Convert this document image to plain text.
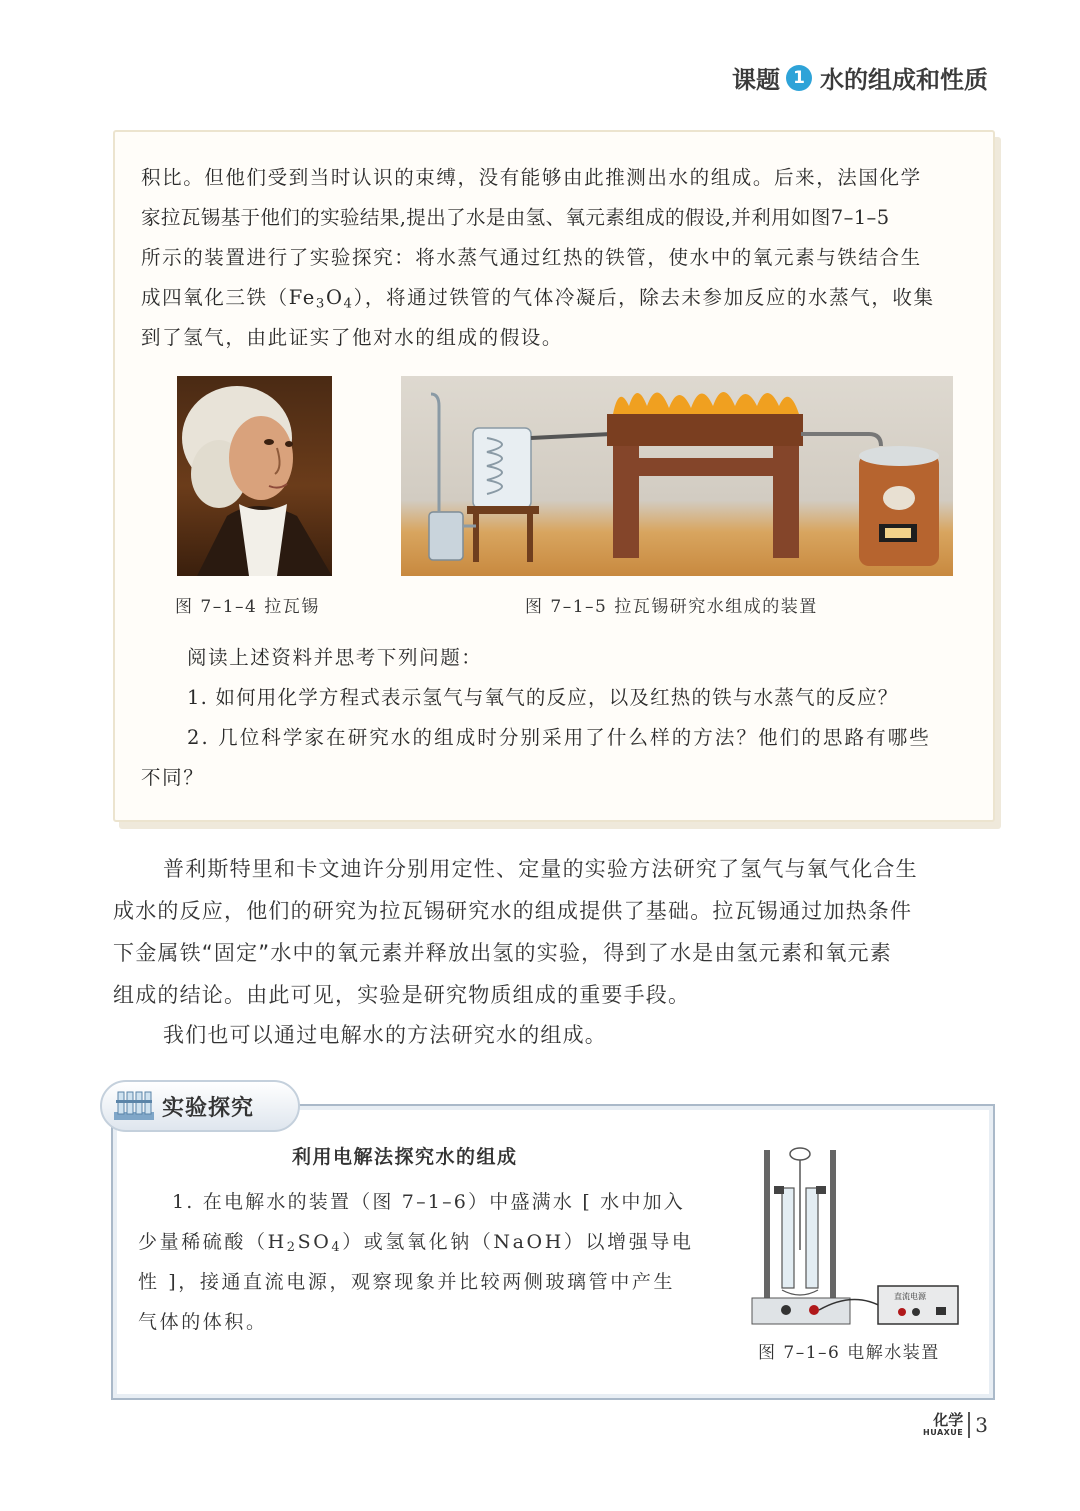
课题 1 水的组成和性质

积比。但他们受到当时认识的束缚，没有能够由此推测出水的组成。后来，法国化学

家拉瓦锡基于他们的实验结果,提出了水是由氢、氧元素组成的假设,并利用如图7–1–5

所示的装置进行了实验探究：将水蒸气通过红热的铁管，使水中的氧元素与铁结合生

成四氧化三铁$(Fe_3O_4)$，将通过铁管的气体冷凝后，除去未参加反应的水蒸气，收集

到了氢气，由此证实了他对水的组成的假设。

图 7–1–4 拉瓦锡	图 7–1–5 拉瓦锡研究水组成的装置

阅读上述资料并思考下列问题：

1. 如何用化学方程式表示氢气与氧气的反应，以及红热的铁与水蒸气的反应？

2. 几位科学家在研究水的组成时分别采用了什么样的方法？他们的思路有哪些

不同？

普利斯特里和卡文迪许分别用定性、定量的实验方法研究了氢气与氧气化合生

成水的反应，他们的研究为拉瓦锡研究水的组成提供了基础。拉瓦锡通过加热条件

下金属铁“固定”水中的氧元素并释放出氢的实验，得到了水是由氢元素和氧元素

组成的结论。由此可见，实验是研究物质组成的重要手段。

我们也可以通过电解水的方法研究水的组成。

实验探究
利用电解法探究水的组成
1. 在电解水的装置（图 7–1–6）中盛满水 [ 水中加入
少量稀硫酸$(H_2SO_4)$或氢氧化钠（NaOH）以增强导电
性 ]，接通直流电源，观察现象并比较两侧玻璃管中产生
气体的体积。
直流电源
图 7–1–6 电解水装置
化学
HUAXUE 3
